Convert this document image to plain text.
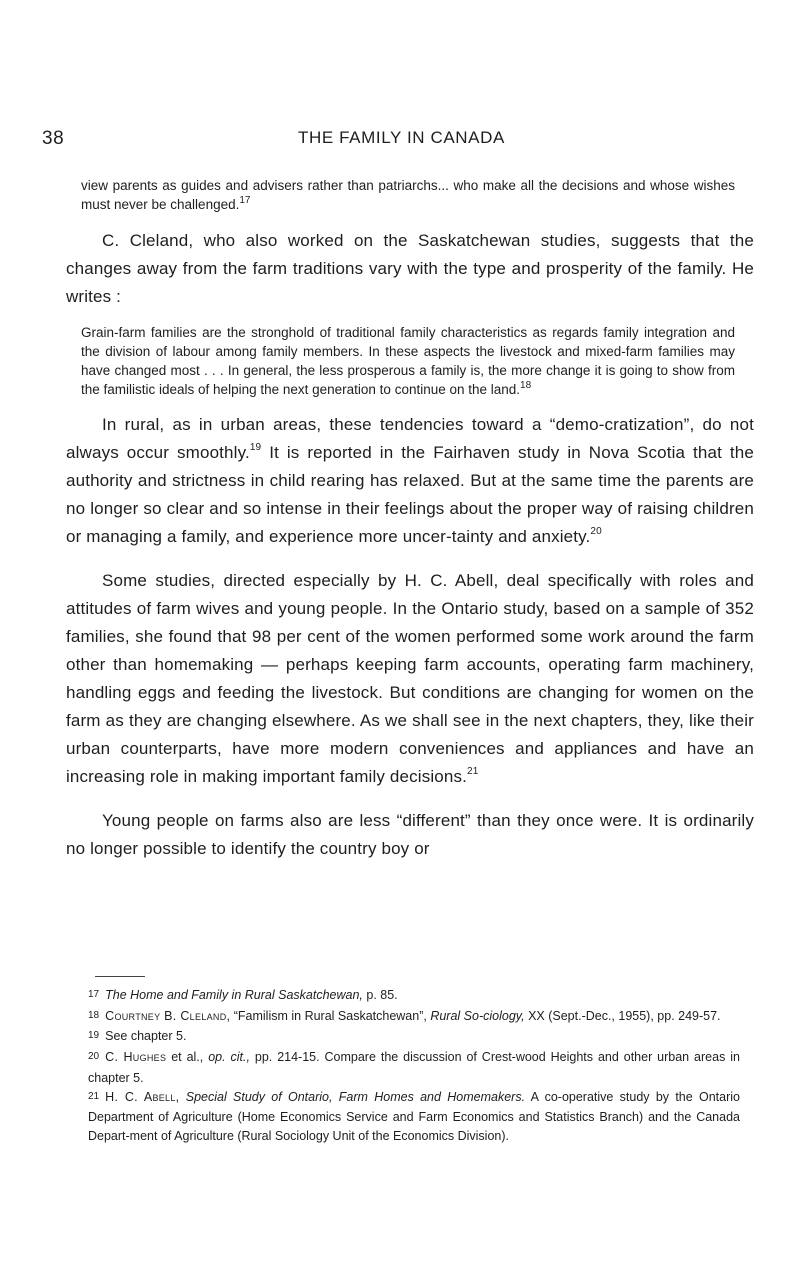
38	THE FAMILY IN CANADA

view parents as guides and advisers rather than patriarchs... who make all the decisions and whose wishes must never be challenged.$^{17}$

C. Cleland, who also worked on the Saskatchewan studies, suggests that the changes away from the farm traditions vary with the type and prosperity of the family. He writes :

Grain-farm families are the stronghold of traditional family characteristics as regards family integration and the division of labour among family members. In these aspects the livestock and mixed-farm families may have changed most . . . In general, the less prosperous a family is, the more change it is going to show from the familistic ideals of helping the next generation to continue on the land.$^{18}$

In rural, as in urban areas, these tendencies toward a “demo-cratization”, do not always occur smoothly.$^{19}$ It is reported in the Fairhaven study in Nova Scotia that the authority and strictness in child rearing has relaxed. But at the same time the parents are no longer so clear and so intense in their feelings about the proper way of raising children or managing a family, and experience more uncer-tainty and anxiety.$^{20}$

Some studies, directed especially by H. C. Abell, deal specifically with roles and attitudes of farm wives and young people. In the Ontario study, based on a sample of 352 families, she found that 98 per cent of the women performed some work around the farm other than homemaking — perhaps keeping farm accounts, operating farm machinery, handling eggs and feeding the livestock. But conditions are changing for women on the farm as they are changing elsewhere. As we shall see in the next chapters, they, like their urban counterparts, have more modern conveniences and appliances and have an increasing role in making important family decisions.$^{21}$

Young people on farms also are less “different” than they once were. It is ordinarily no longer possible to identify the country boy or

17 The Home and Family in Rural Saskatchewan, p. 85.

18 Courtney B. Cleland, “Familism in Rural Saskatchewan”, Rural So-ciology, XX (Sept.-Dec., 1955), pp. 249-57.

19 See chapter 5.

20 C. Hughes et al., op. cit., pp. 214-15. Compare the discussion of Crest-wood Heights and other urban areas in chapter 5.

21 H. C. Abell, Special Study of Ontario, Farm Homes and Homemakers. A co-operative study by the Ontario Department of Agriculture (Home Economics Service and Farm Economics and Statistics Branch) and the Canada Depart-ment of Agriculture (Rural Sociology Unit of the Economics Division).
